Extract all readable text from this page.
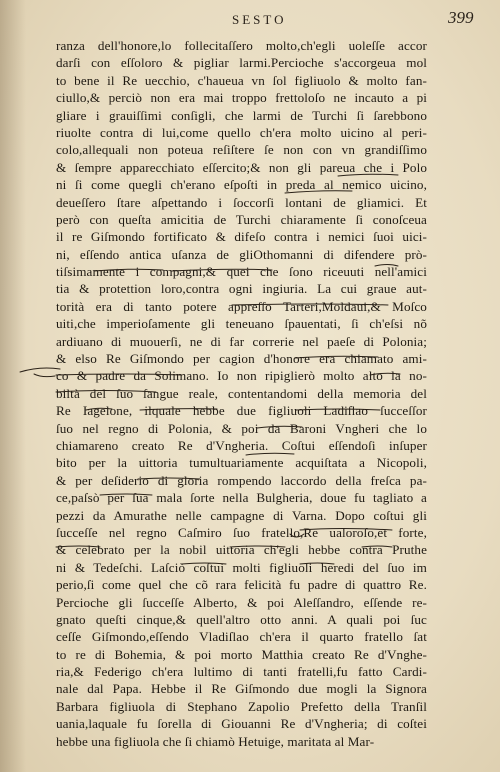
SESTO	399
ranza dell'honore,lo follecitaſſero molto,ch'egli uoleſſe accor
darſi con eſſoloro & pigliar larmi.Percioche s'accorgeua mol
to bene il Re uecchio, c'haueua vn ſol figliuolo & molto fan-
ciullo,& perciò non era mai troppo frettoloſo ne incauto a pi
gliare i grauiſſimi conſigli, che larmi de Turchi ſi ſarebbono
riuolte contra di lui,come quello ch'era molto uicino al peri-
colo,allequali non poteua reſiſtere ſe non con vn grandiſſimo
& ſempre apparecchiato eſſercito;& non gli pareua che i Polo
ni ſi come quegli ch'erano eſpoſti in preda al nemico uicino,
deueſſero ſtare aſpettando i ſoccorſi lontani de gliamici. Et
però con queſta amicitia de Turchi chiaramente ſi conoſceua
il re Giſmondo fortificato & difeſo contra i nemici ſuoi uici-
ni, eſſendo antica uſanza de gliOthomanni di difendere prò-
tiſsimamente i compagni,& quei che ſono riceuuti nell'amici
tia & protettion loro,contra ogni ingiuria. La cui graue aut-
torità era di tanto potere appreſſo Tarteri,Moldaui,& Moſco
uiti,che imperioſamente gli teneuano ſpauentati, ſi ch'eſsi nõ
ardiuano di muouerſi, ne di far correrie nel paeſe di Polonia;
& elso Re Giſmondo per cagion d'honore era chiamato ami-
co & padre da Solimano. Io non ripiglierò molto alto la no-
biltà del ſuo ſangue reale, contentandomi della memoria del
Re Iagelone, ilquale hebbe due figliuoli Ladiſlao ſucceſſor
ſuo nel regno di Polonia, & poi da Baroni Vngheri che lo
chiamareno creato Re d'Vngheria. Coſtui eſſendoſi inſuper
bito per la uittoria tumultuariamente acquiſtata a Nicopoli,
& per deſiderio di gloria rompendo laccordo della freſca pa-
ce,paſsò per ſua mala ſorte nella Bulgheria, doue fu tagliato a
pezzi da Amurathe nelle campagne di Varna. Dopo coſtui gli
ſucceſſe nel regno Caſmiro ſuo fratello,Re ualoroſo,et forte,
& celebrato per la nobil uittoria ch'egli hebbe contra Pruthe
ni & Tedeſchi. Laſciò coſtui molti figliuoli heredi del ſuo im
perio,ſi come quel che cõ rara felicità fu padre di quattro Re.
Percioche gli ſucceſſe Alberto, & poi Aleſſandro, eſſende re-
gnato queſti cinque,& quell'altro otto anni. A quali poi ſuc
ceſſe Giſmondo,eſſendo Vladiſlao ch'era il quarto fratello ſat
to re di Bohemia, & poi morto Matthia creato Re d'Vnghe-
ria,& Federigo ch'era lultimo di tanti fratelli,fu fatto Cardi-
nale dal Papa. Hebbe il Re Giſmondo due mogli la Signora
Barbara figliuola di Stephano Zapolio Prefetto della Tranſil
uania,laquale fu ſorella di Giouanni Re d'Vngheria; di coſtei
hebbe una figliuola che ſi chiamò Hetuige, maritata al Mar-
